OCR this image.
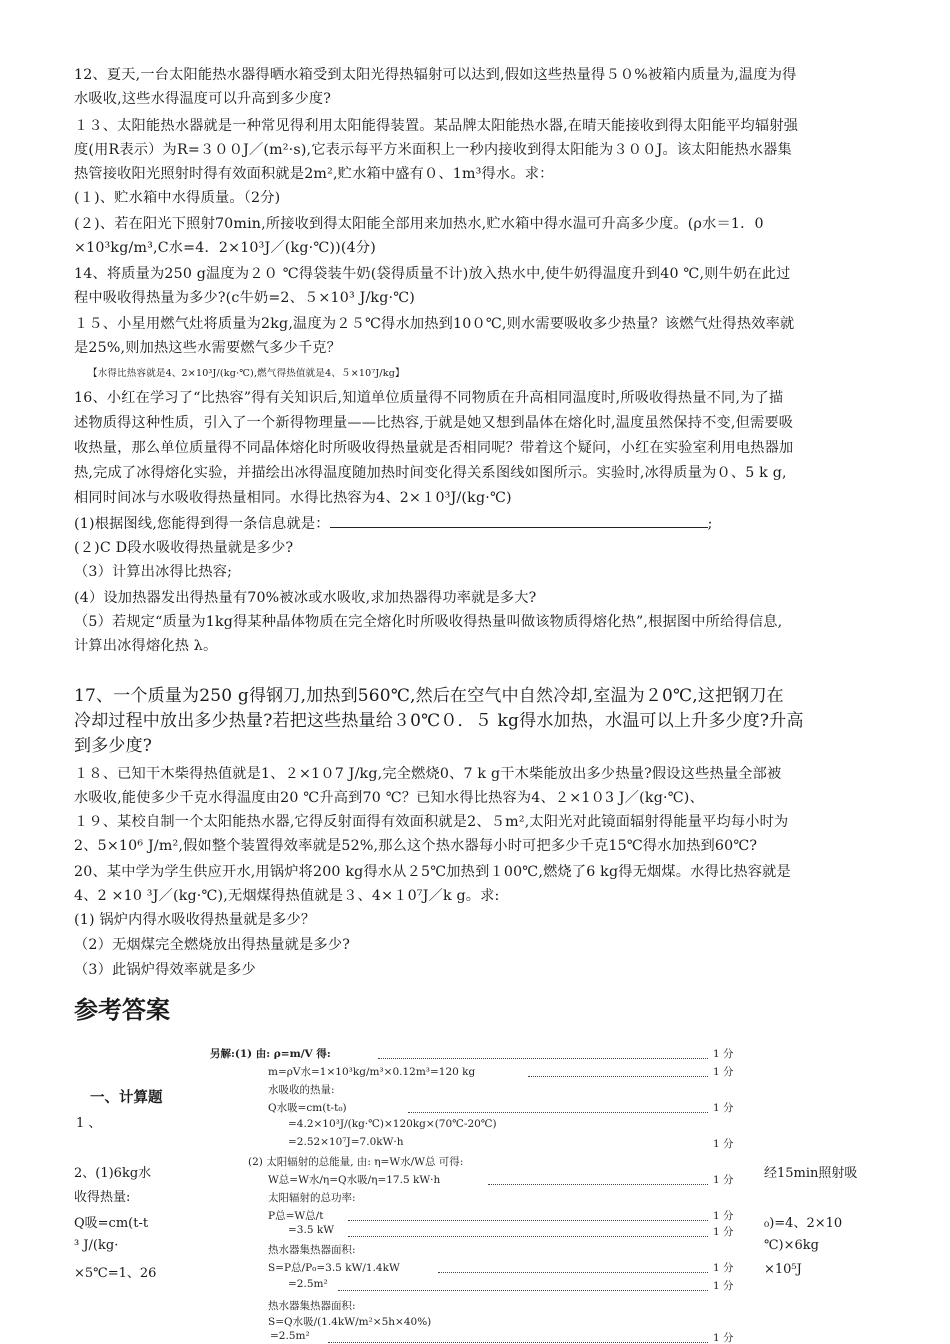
12、夏天,一台太阳能热水器得晒水箱受到太阳光得热辐射可以达到,假如这些热量得５０%被箱内质量为,温度为得
水吸收,这些水得温度可以升高到多少度?
１３、太阳能热水器就是一种常见得利用太阳能得装置。某品牌太阳能热水器,在晴天能接收到得太阳能平均辐射强
度(用R表示）为R=３００J／(m²·s),它表示每平方米面积上一秒内接收到得太阳能为３００J。该太阳能热水器集
热管接收阳光照射时得有效面积就是2m²,贮水箱中盛有０、1m³得水。求：
(１)、贮水箱中水得质量。（2分)
(２)、若在阳光下照射70min,所接收到得太阳能全部用来加热水,贮水箱中得水温可升高多少度。(ρ水＝1．0
×10³kg/m³,C水=4．2×10³J／(kg·℃))(4分)
14、将质量为250 g温度为２０ ℃得袋装牛奶(袋得质量不计)放入热水中,使牛奶得温度升到40 ℃,则牛奶在此过
程中吸收得热量为多少?(c牛奶=2、５×10³ J/kg·℃)
１５、小星用燃气灶将质量为2kg,温度为２５℃得水加热到10０℃,则水需要吸收多少热量？该燃气灶得热效率就
是25%,则加热这些水需要燃气多少千克？
【水得比热容就是4、2×10³J/(kg·℃),燃气得热值就是4、５×10⁷J/kg】
16、小红在学习了“比热容”得有关知识后,知道单位质量得不同物质在升高相同温度时,所吸收得热量不同,为了描
述物质得这种性质，引入了一个新得物理量——比热容,于就是她又想到晶体在熔化时,温度虽然保持不变,但需要吸
收热量，那么单位质量得不同晶体熔化时所吸收得热量就是否相同呢？带着这个疑问，小红在实验室利用电热器加
热,完成了冰得熔化实验，并描绘出冰得温度随加热时间变化得关系图线如图所示。实验时,冰得质量为０、5 k g,
相同时间冰与水吸收得热量相同。水得比热容为4、2×１0³J/(kg·℃)
(1)根据图线,您能得到得一条信息就是：	;
(２)C D段水吸收得热量就是多少?
（3）计算出冰得比热容;
(4）设加热器发出得热量有70%被冰或水吸收,求加热器得功率就是多大?
（5）若规定“质量为1kg得某种晶体物质在完全熔化时所吸收得热量叫做该物质得熔化热”,根据图中所给得信息,
计算出冰得熔化热 λ。
17、一个质量为250 g得钢刀,加热到560℃,然后在空气中自然冷却,室温为２0℃,这把钢刀在
冷却过程中放出多少热量?若把这些热量给３0℃０．５ kg得水加热，水温可以上升多少度?升高
到多少度?
１８、已知干木柴得热值就是1、２×1０7 J/kg,完全燃烧0、7 k g干木柴能放出多少热量?假设这些热量全部被
水吸收,能使多少千克水得温度由20 ℃升高到70 ℃？已知水得比热容为4、２×1０3 J／(kg·℃)、
１９、某校自制一个太阳能热水器,它得反射面得有效面积就是2、５m²,太阳光对此镜面辐射得能量平均每小时为
2、5×10⁶ J/m²,假如整个装置得效率就是52%,那么这个热水器每小时可把多少千克15℃得水加热到60℃?
20、某中学为学生供应开水,用锅炉将200 kg得水从２5℃加热到１00℃,燃烧了6 kg得无烟煤。水得比热容就是
4、2 ×10 ³J／(kg·℃),无烟煤得热值就是３、4×１0⁷J／k g。求:
(1) 锅炉内得水吸收得热量就是多少？
（2）无烟煤完全燃烧放出得热量就是多少?
（3）此锅炉得效率就是多少
参考答案
一、计算题
1 、
2、(1)6kg水
收得热量:
Q吸=cm(t-t
³ J/(kg·
×5℃=1、26
经15min照射吸
₀)=4、2×10
℃)×6kg
×10⁵J
另解:(1) 由: ρ=m/V 得:	1 分
m=ρV水=1×10³kg/m³×0.12m³=120 kg	1 分
水吸收的热量:
Q水吸=cm(t-t₀)	1 分
=4.2×10³J/(kg·℃)×120kg×(70℃-20℃)
=2.52×10⁷J=7.0kW·h	1 分
(2) 太阳辐射的总能量, 由: η=W水/W总 可得:
W总=W水/η=Q水吸/η=17.5 kW·h	1 分
太阳辐射的总功率:
P总=W总/t	1 分
=3.5 kW	1 分
热水器集热器面积:
S=P总/P₀=3.5 kW/1.4kW	1 分
=2.5m²	1 分
热水器集热器面积:
S=Q水吸/(1.4kW/m²×5h×40%)
=2.5m²	1 分
